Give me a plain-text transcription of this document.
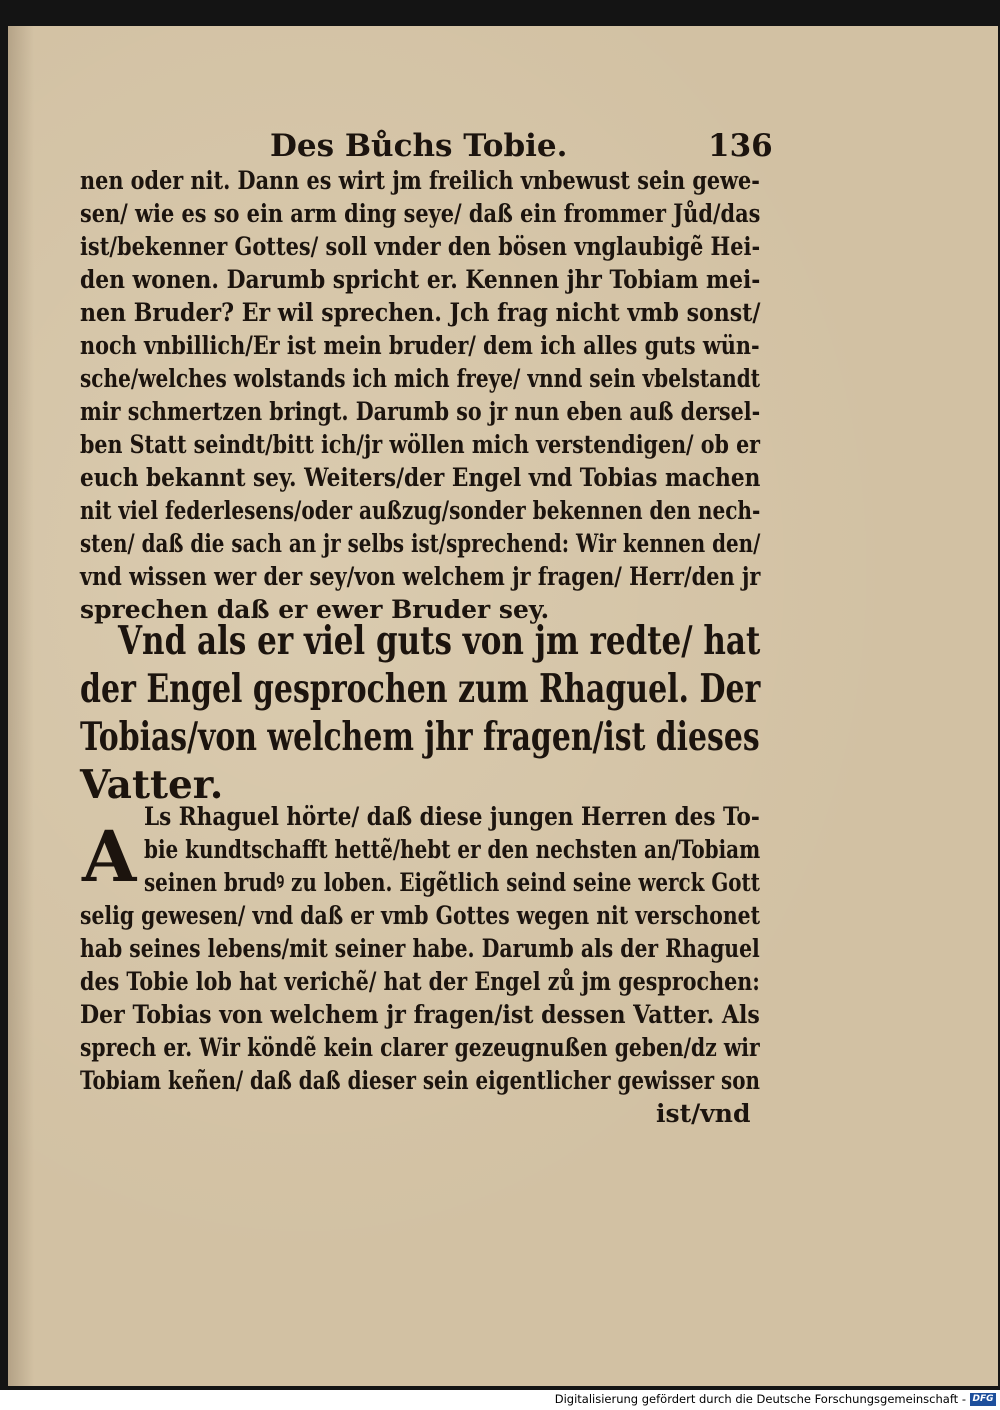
Des Bůchs Tobie.	136
nen oder nit. Dann es wirt jm freilich vnbewust sein gewe-
sen/ wie es so ein arm ding seye/ daß ein frommer Jůd/das
ist/bekenner Gottes/ soll vnder den bösen vnglaubigẽ Hei-
den wonen. Darumb spricht er. Kennen jhr Tobiam mei-
nen Bruder? Er wil sprechen. Jch frag nicht vmb sonst/
noch vnbillich/Er ist mein bruder/ dem ich alles guts wün-
sche/welches wolstands ich mich freye/ vnnd sein vbelstandt
mir schmertzen bringt. Darumb so jr nun eben auß dersel-
ben Statt seindt/bitt ich/jr wöllen mich verstendigen/ ob er
euch bekannt sey. Weiters/der Engel vnd Tobias machen
nit viel federlesens/oder außzug/sonder bekennen den nech-
sten/ daß die sach an jr selbs ist/sprechend: Wir kennen den/
vnd wissen wer der sey/von welchem jr fragen/ Herr/den jr
sprechen daß er ewer Bruder sey.
Vnd als er viel guts von jm redte/ hat
der Engel gesprochen zum Rhaguel. Der
Tobias/von welchem jhr fragen/ist dieses
Vatter.
A Ls Rhaguel hörte/ daß diese jungen Herren des To-
bie kundtschafft hettẽ/hebt er den nechsten an/Tobiam
seinen brudꝰ zu loben. Eigẽtlich seind seine werck Gott
selig gewesen/ vnd daß er vmb Gottes wegen nit verschonet
hab seines lebens/mit seiner habe. Darumb als der Rhaguel
des Tobie lob hat verichẽ/ hat der Engel zů jm gesprochen:
Der Tobias von welchem jr fragen/ist dessen Vatter. Als
sprech er. Wir köndẽ kein clarer gezeugnußen geben/dz wir
Tobiam keñen/ daß daß dieser sein eigentlicher gewisser son
ist/vnd
Digitalisierung gefördert durch die Deutsche Forschungsgemeinschaft - DFG
